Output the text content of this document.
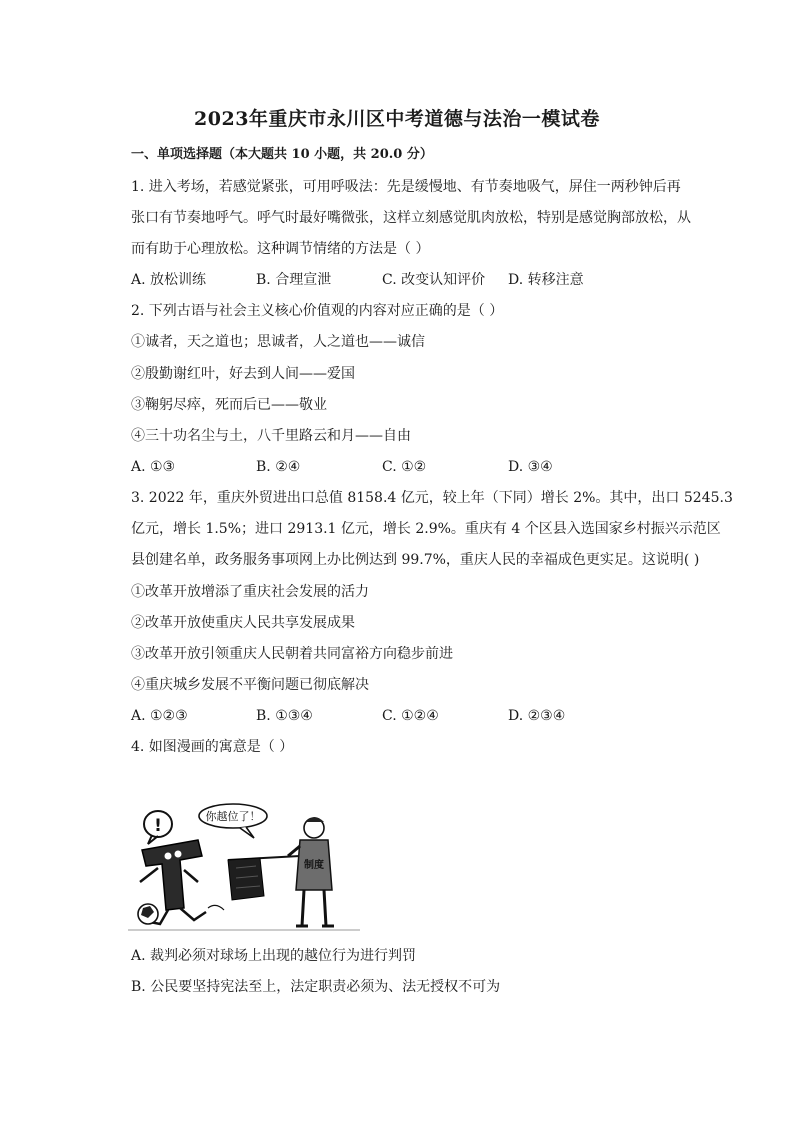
2023年重庆市永川区中考道德与法治一模试卷
一、单项选择题（本大题共 10 小题，共 20.0 分）
1. 进入考场，若感觉紧张，可用呼吸法：先是缓慢地、有节奏地吸气，屏住一两秒钟后再
张口有节奏地呼气。呼气时最好嘴微张，这样立刻感觉肌肉放松，特别是感觉胸部放松，从
而有助于心理放松。这种调节情绪的方法是（ ）
A. 放松训练	B. 合理宣泄	C. 改变认知评价 D. 转移注意
2. 下列古语与社会主义核心价值观的内容对应正确的是（ ）
①诚者，天之道也；思诚者，人之道也——诚信
②殷勤谢红叶，好去到人间——爱国
③鞠躬尽瘁，死而后已——敬业
④三十功名尘与土，八千里路云和月——自由
A. ①③	B. ②④	C. ①②	D. ③④
3. 2022 年，重庆外贸进出口总值 8158.4 亿元，较上年（下同）增长 2%。其中，出口 5245.3
亿元，增长 1.5%；进口 2913.1 亿元，增长 2.9%。重庆有 4 个区县入选国家乡村振兴示范区
县创建名单，政务服务事项网上办比例达到 99.7%，重庆人民的幸福成色更实足。这说明( )
①改革开放增添了重庆社会发展的活力
②改革开放使重庆人民共享发展成果
③改革开放引领重庆人民朝着共同富裕方向稳步前进
④重庆城乡发展不平衡问题已彻底解决
A. ①②③	B. ①③④	C. ①②④	D. ②③④
4. 如图漫画的寓意是（ ）
!	你越位了！
制度
A. 裁判必须对球场上出现的越位行为进行判罚
B. 公民要坚持宪法至上，法定职责必须为、法无授权不可为
